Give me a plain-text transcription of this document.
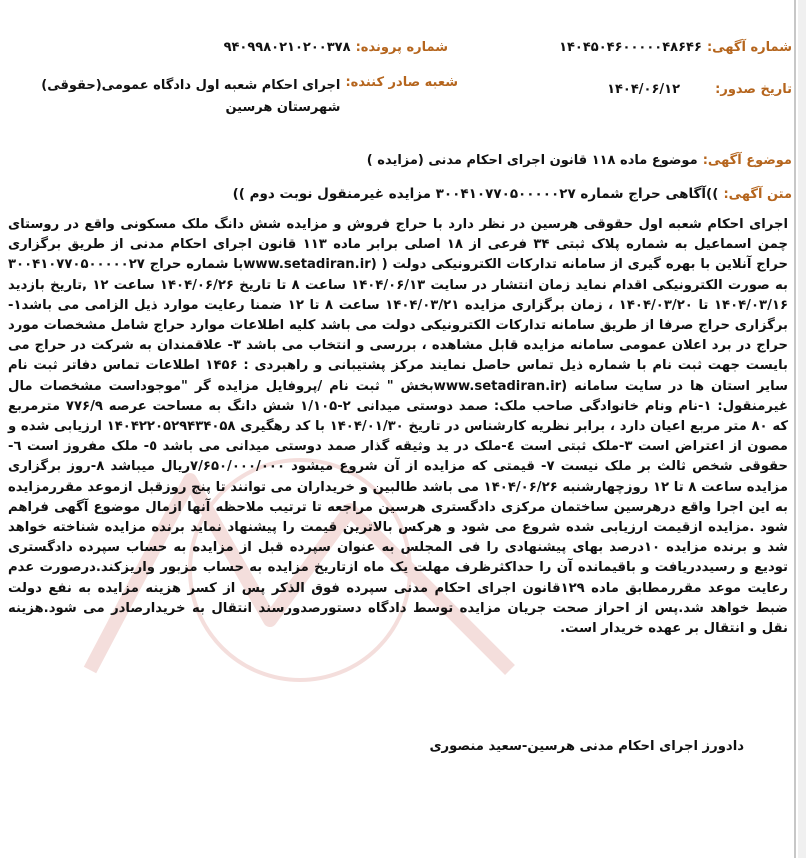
شماره آگهی: ۱۴۰۴۵۰۴۶۰۰۰۰۰۴۸۶۴۶
شماره پرونده: ۹۴۰۹۹۸۰۲۱۰۲۰۰۳۷۸
تاریخ صدور: ۱۴۰۴/۰۶/۱۲
$^{شعبه صادر کننده:}$ اجرای احکام شعبه اول دادگاه عمومی(حقوقی) شهرستان هرسین
موضوع آگهی: موضوع ماده ۱۱۸ قانون اجرای احکام مدنی (مزایده )
متن آگهی: ))آگاهی حراج شماره ۳۰۰۴۱۰۷۷۰۵۰۰۰۰۰۲۷ مزایده غیرمنقول نوبت دوم ))
اجرای احکام شعبه اول حقوقی هرسین در نظر دارد با حراج فروش و مزایده شش دانگ ملک مسکونی واقع در روستای چمن اسماعیل به شماره پلاک ثبتی ۳۴ فرعی از ۱۸ اصلی برابر ماده ۱۱۳ قانون اجرای احکام مدنی از طریق برگزاری حراج آنلاین با بهره گیری از سامانه تدارکات الکترونیکی دولت ( (www.setadiran.irبا شماره حراج ۳۰۰۴۱۰۷۷۰۵۰۰۰۰۰۲۷ به صورت الکترونیکی اقدام نماید زمان انتشار در سایت ۱۴۰۴/۰۶/۱۳ ساعت ۸ تا تاریخ ۱۴۰۴/۰۶/۲۶ ساعت ۱۲ ,تاریخ بازدید ۱۴۰۴/۰۳/۱۶ تا ۱۴۰۴/۰۳/۲۰ ، زمان برگزاری مزایده ۱۴۰۴/۰۳/۲۱ ساعت ۸ تا ۱۲ ضمنا رعایت موارد ذیل الزامی می باشد۱- برگزاری حراج صرفا از طریق سامانه تدارکات الکترونیکی دولت می باشد کلیه اطلاعات موارد حراج شامل مشخصات مورد حراج در برد اعلان عمومی سامانه مزایده قابل مشاهده ، بررسی و انتخاب می باشد ۳- علاقمندان به شرکت در حراج می بایست جهت ثبت نام با شماره ذیل تماس حاصل نمایند مرکز پشتیبانی و راهبردی : ۱۴۵۶ اطلاعات تماس دفاتر ثبت نام سایر استان ها در سایت سامانه (www.setadiran.irبخش " ثبت نام /پروفایل مزایده گر "موجوداست مشخصات مال غیرمنقول: ۱-نام ونام خانوادگی صاحب ملک: صمد دوستی میدانی ۲-۱/۱۰۵ شش دانگ به مساحت عرصه ۷۷۶/۹ مترمربع که ۸۰ متر مربع اعیان دارد ، برابر نظریه کارشناس در تاریخ ۱۴۰۴/۰۱/۳۰ با کد رهگیری ۱۴۰۴۲۲۰۵۲۹۴۳۴۰۵۸ ارزیابی شده و مصون از اعتراض است ۳-ملک ثبتی است ٤-ملک در ید وثیقه گذار صمد دوستی میدانی می باشد ٥- ملک مفروز است ٦-حقوقی شخص ثالث بر ملک نیست ۷- قیمتی که مزایده از آن شروع میشود ۷/۶۵۰/۰۰۰/۰۰۰ریال میباشد ۸-روز برگزاری مزایده ساعت ۸ تا ۱۲ روزچهارشنبه ۱۴۰۴/۰۶/۲۶ می باشد طالبین و خریداران می توانند تا پنج روزقبل ازموعد مقررمزایده به این اجرا واقع درهرسین ساختمان مرکزی دادگستری هرسین مراجعه تا ترتیب ملاحظه آنها ازمال موضوع آگهی فراهم شود .مزایده ازقیمت ارزیابی شده شروع می شود و هرکس بالاترین قیمت را پیشنهاد نماید برنده مزایده شناخته خواهد شد و برنده مزایده ۱۰درصد بهای پیشنهادی را فی المجلس به عنوان سپرده قبل از مزایده به حساب سپرده دادگستری تودیع و رسیددریافت و باقیمانده آن را حداکثرظرف مهلت یک ماه ازتاریخ مزایده به حساب مزبور واریزکند.درصورت عدم رعایت موعد مقررمطابق ماده ۱۲۹قانون اجرای احکام مدنی سپرده فوق الذکر پس از کسر هزینه مزایده به نفع دولت ضبط خواهد شد.پس از احراز صحت جریان مزایده توسط دادگاه دستورصدورسند انتقال به خریدارصادر می شود.هزینه نقل و انتقال بر عهده خریدار است.
دادورز اجرای احکام مدنی هرسین-سعید منصوری
